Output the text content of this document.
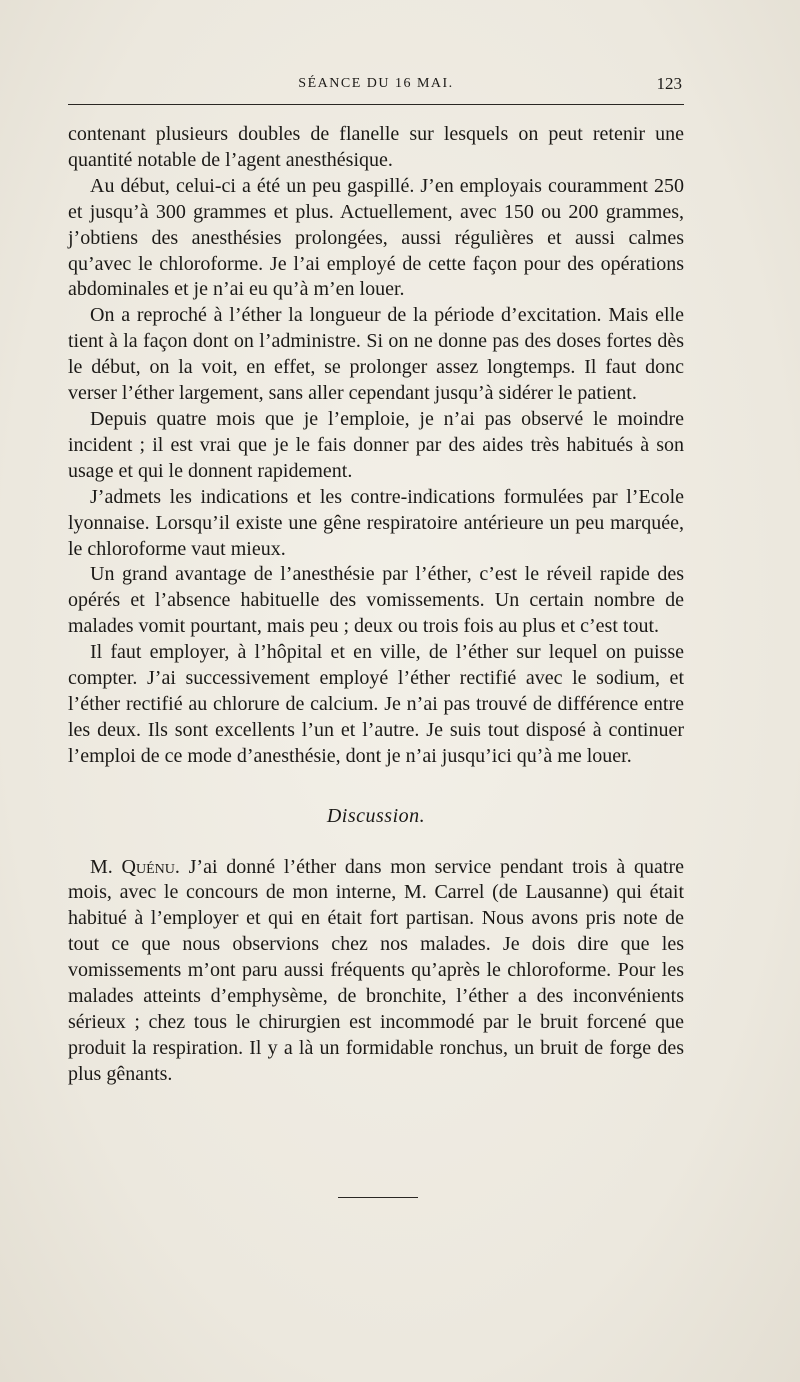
SÉANCE DU 16 MAI.	123

contenant plusieurs doubles de flanelle sur lesquels on peut retenir une quantité notable de l’agent anesthésique.

Au début, celui-ci a été un peu gaspillé. J’en employais couramment 250 et jusqu’à 300 grammes et plus. Actuellement, avec 150 ou 200 grammes, j’obtiens des anesthésies prolongées, aussi régulières et aussi calmes qu’avec le chloroforme. Je l’ai employé de cette façon pour des opérations abdominales et je n’ai eu qu’à m’en louer.

On a reproché à l’éther la longueur de la période d’excitation. Mais elle tient à la façon dont on l’administre. Si on ne donne pas des doses fortes dès le début, on la voit, en effet, se prolonger assez longtemps. Il faut donc verser l’éther largement, sans aller cependant jusqu’à sidérer le patient.

Depuis quatre mois que je l’emploie, je n’ai pas observé le moindre incident ; il est vrai que je le fais donner par des aides très habitués à son usage et qui le donnent rapidement.

J’admets les indications et les contre-indications formulées par l’Ecole lyonnaise. Lorsqu’il existe une gêne respiratoire antérieure un peu marquée, le chloroforme vaut mieux.

Un grand avantage de l’anesthésie par l’éther, c’est le réveil rapide des opérés et l’absence habituelle des vomissements. Un certain nombre de malades vomit pourtant, mais peu ; deux ou trois fois au plus et c’est tout.

Il faut employer, à l’hôpital et en ville, de l’éther sur lequel on puisse compter. J’ai successivement employé l’éther rectifié avec le sodium, et l’éther rectifié au chlorure de calcium. Je n’ai pas trouvé de différence entre les deux. Ils sont excellents l’un et l’autre. Je suis tout disposé à continuer l’emploi de ce mode d’anesthésie, dont je n’ai jusqu’ici qu’à me louer.

Discussion.

M. Quénu. J’ai donné l’éther dans mon service pendant trois à quatre mois, avec le concours de mon interne, M. Carrel (de Lausanne) qui était habitué à l’employer et qui en était fort partisan. Nous avons pris note de tout ce que nous observions chez nos malades. Je dois dire que les vomissements m’ont paru aussi fréquents qu’après le chloroforme. Pour les malades atteints d’emphysème, de bronchite, l’éther a des inconvénients sérieux ; chez tous le chirurgien est incommodé par le bruit forcené que produit la respiration. Il y a là un formidable ronchus, un bruit de forge des plus gênants.
